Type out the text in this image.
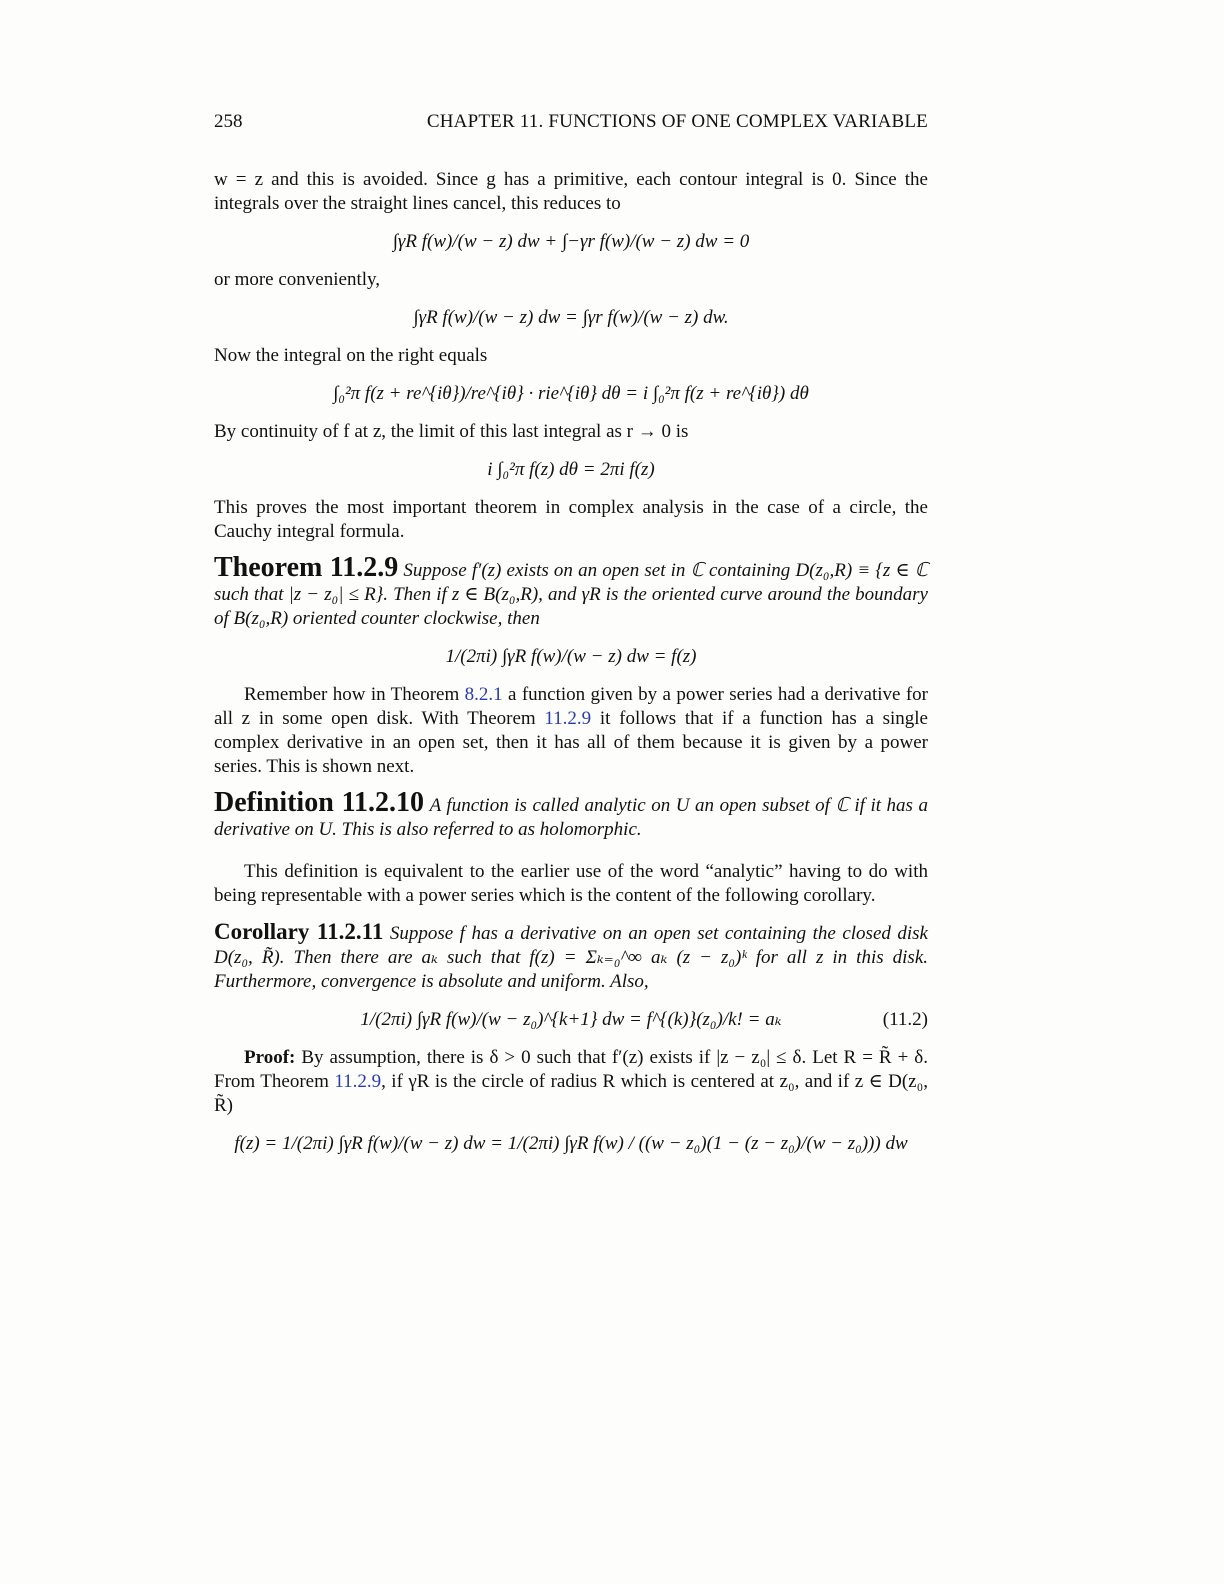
258	CHAPTER 11. FUNCTIONS OF ONE COMPLEX VARIABLE

w = z and this is avoided. Since g has a primitive, each contour integral is 0. Since the integrals over the straight lines cancel, this reduces to

∫γR f(w)/(w − z) dw + ∫−γr f(w)/(w − z) dw = 0

or more conveniently,

∫γR f(w)/(w − z) dw = ∫γr f(w)/(w − z) dw.

Now the integral on the right equals

∫₀²π f(z + re^{iθ})/re^{iθ} · rie^{iθ} dθ = i ∫₀²π f(z + re^{iθ}) dθ

By continuity of f at z, the limit of this last integral as r → 0 is

i ∫₀²π f(z) dθ = 2πi f(z)

This proves the most important theorem in complex analysis in the case of a circle, the Cauchy integral formula.

Theorem 11.2.9 Suppose f′(z) exists on an open set in ℂ containing D(z₀,R) ≡ {z ∈ ℂ such that |z − z₀| ≤ R}. Then if z ∈ B(z₀,R), and γR is the oriented curve around the boundary of B(z₀,R) oriented counter clockwise, then

1/(2πi) ∫γR f(w)/(w − z) dw = f(z)

Remember how in Theorem 8.2.1 a function given by a power series had a derivative for all z in some open disk. With Theorem 11.2.9 it follows that if a function has a single complex derivative in an open set, then it has all of them because it is given by a power series. This is shown next.

Definition 11.2.10 A function is called analytic on U an open subset of ℂ if it has a derivative on U. This is also referred to as holomorphic.

This definition is equivalent to the earlier use of the word “analytic” having to do with being representable with a power series which is the content of the following corollary.

Corollary 11.2.11 Suppose f has a derivative on an open set containing the closed disk D(z₀, R̃). Then there are aₖ such that f(z) = Σₖ₌₀^∞ aₖ (z − z₀)ᵏ for all z in this disk. Furthermore, convergence is absolute and uniform. Also,

1/(2πi) ∫γR f(w)/(w − z₀)^{k+1} dw = f^{(k)}(z₀)/k! = aₖ	(11.2)

Proof: By assumption, there is δ > 0 such that f′(z) exists if |z − z₀| ≤ δ. Let R = R̃ + δ. From Theorem 11.2.9, if γR is the circle of radius R which is centered at z₀, and if z ∈ D(z₀, R̃)

f(z) = 1/(2πi) ∫γR f(w)/(w − z) dw = 1/(2πi) ∫γR f(w) / ((w − z₀)(1 − (z − z₀)/(w − z₀))) dw
